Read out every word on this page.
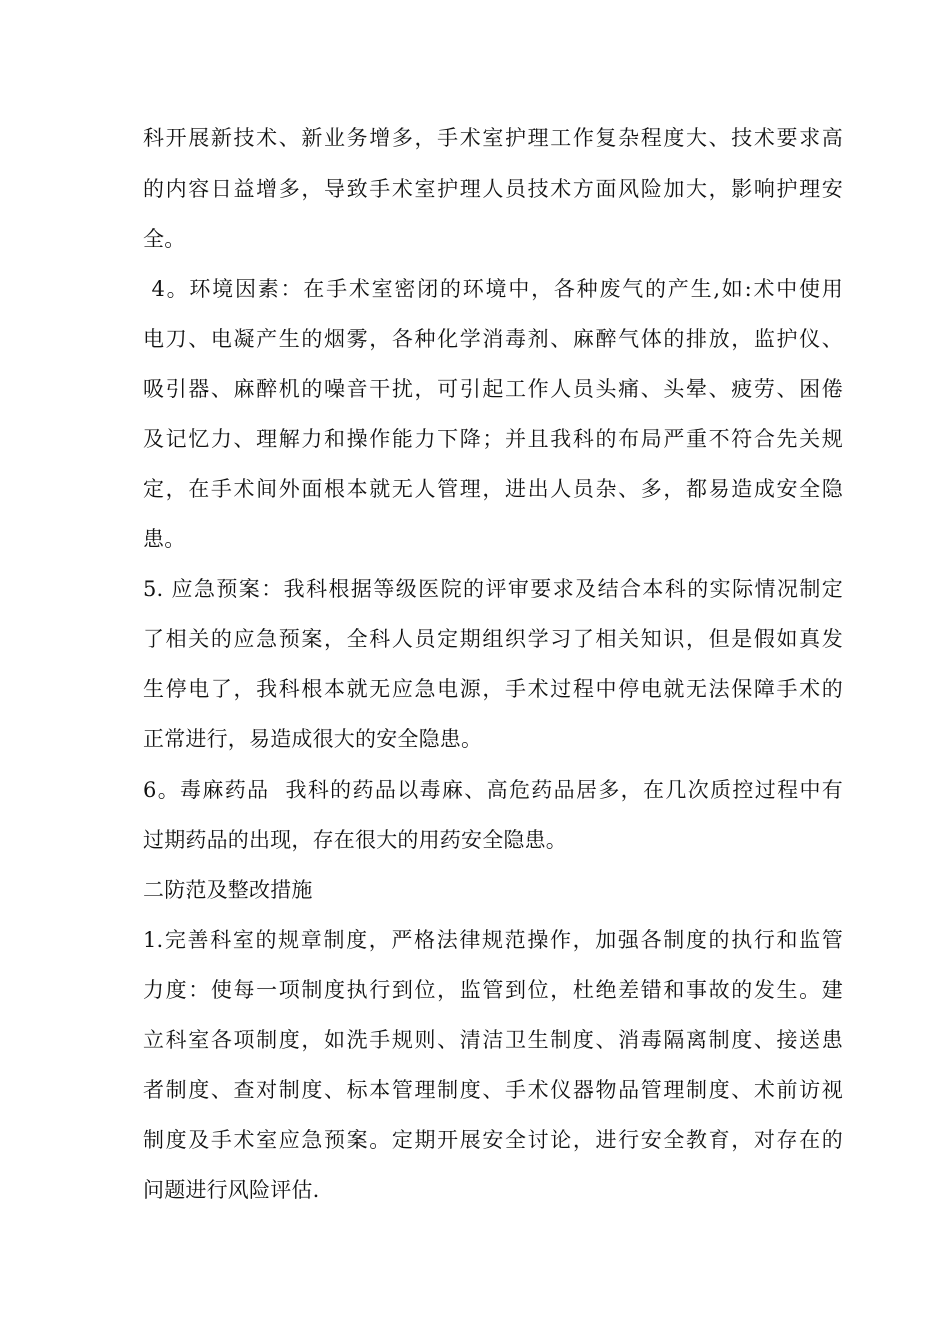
科开展新技术、新业务增多，手术室护理工作复杂程度大、技术要求高
的内容日益增多，导致手术室护理人员技术方面风险加大，影响护理安
全。
4。环境因素：在手术室密闭的环境中，各种废气的产生,如:术中使用
电刀、电凝产生的烟雾，各种化学消毒剂、麻醉气体的排放，监护仪、
吸引器、麻醉机的噪音干扰，可引起工作人员头痛、头晕、疲劳、困倦
及记忆力、理解力和操作能力下降；并且我科的布局严重不符合先关规
定，在手术间外面根本就无人管理，进出人员杂、多，都易造成安全隐
患。
5. 应急预案：我科根据等级医院的评审要求及结合本科的实际情况制定
了相关的应急预案，全科人员定期组织学习了相关知识，但是假如真发
生停电了，我科根本就无应急电源，手术过程中停电就无法保障手术的
正常进行，易造成很大的安全隐患。
6。毒麻药品  我科的药品以毒麻、高危药品居多，在几次质控过程中有
过期药品的出现，存在很大的用药安全隐患。
二防范及整改措施
1.完善科室的规章制度，严格法律规范操作，加强各制度的执行和监管
力度：使每一项制度执行到位，监管到位，杜绝差错和事故的发生。建
立科室各项制度，如洗手规则、清洁卫生制度、消毒隔离制度、接送患
者制度、查对制度、标本管理制度、手术仪器物品管理制度、术前访视
制度及手术室应急预案。定期开展安全讨论，进行安全教育，对存在的
问题进行风险评估.
